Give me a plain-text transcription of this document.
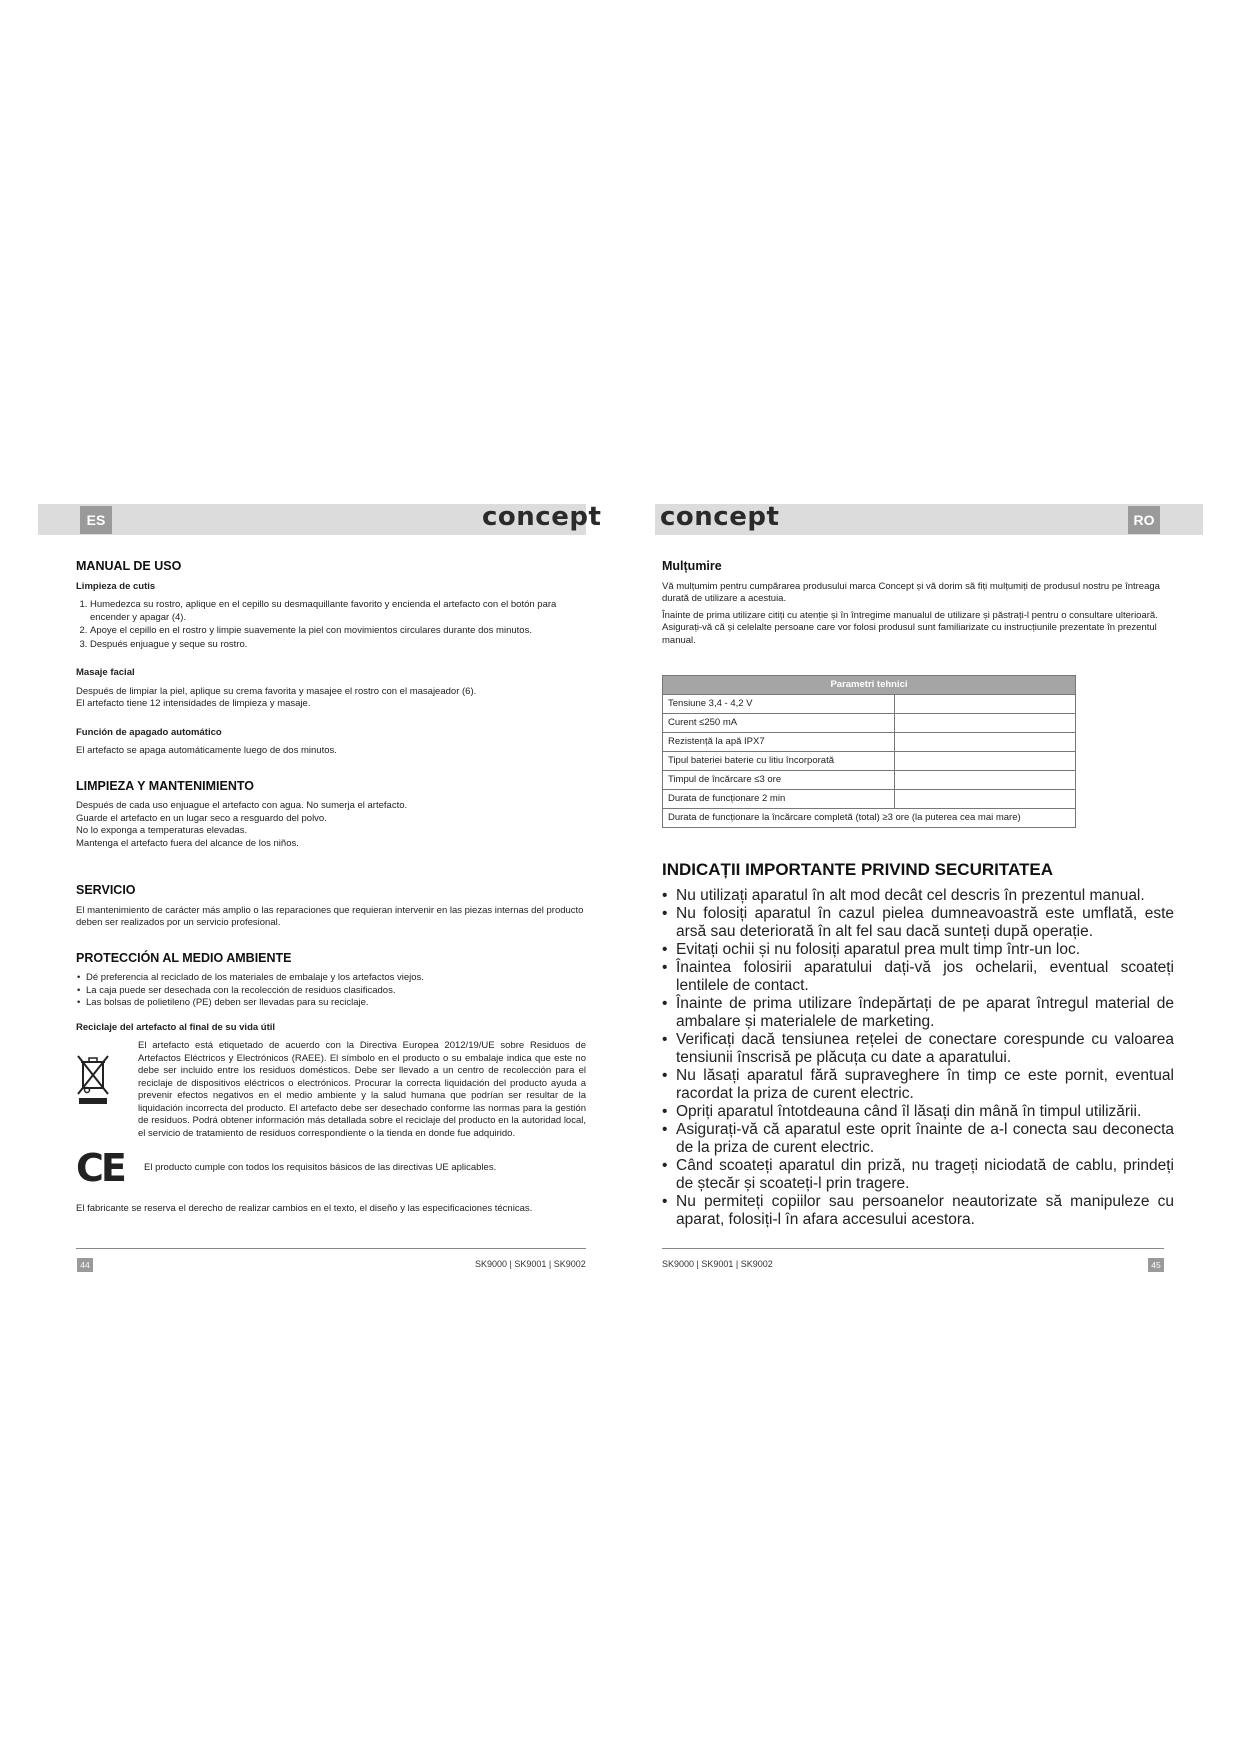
ES	RO
concept concept
MANUAL DE USO
Limpieza de cutis
1. Humedezca su rostro, aplique en el cepillo su desmaquillante favorito y encienda el artefacto con el botón para encender y apagar (4).
2. Apoye el cepillo en el rostro y limpie suavemente la piel con movimientos circulares durante dos minutos.
3. Después enjuague y seque su rostro.
Masaje facial

Después de limpiar la piel, aplique su crema favorita y masajee el rostro con el masajeador (6).

El artefacto tiene 12 intensidades de limpieza y masaje.

Función de apagado automático

El artefacto se apaga automáticamente luego de dos minutos.

LIMPIEZA Y MANTENIMIENTO

Después de cada uso enjuague el artefacto con agua. No sumerja el artefacto.

Guarde el artefacto en un lugar seco a resguardo del polvo.

No lo exponga a temperaturas elevadas.

Mantenga el artefacto fuera del alcance de los niños.

SERVICIO

El mantenimiento de carácter más amplio o las reparaciones que requieran intervenir en las piezas internas del producto deben ser realizados por un servicio profesional.

PROTECCIÓN AL MEDIO AMBIENTE
• Dé preferencia al reciclado de los materiales de embalaje y los artefactos viejos.
• La caja puede ser desechada con la recolección de residuos clasificados.
• Las bolsas de polietileno (PE) deben ser llevadas para su reciclaje.
Reciclaje del artefacto al final de su vida útil

El artefacto está etiquetado de acuerdo con la Directiva Europea 2012/19/UE sobre Residuos de Artefactos Eléctricos y Electrónicos (RAEE). El símbolo en el producto o su embalaje indica que este no debe ser incluido entre los residuos domésticos. Debe ser llevado a un centro de recolección para el reciclaje de dispositivos eléctricos o electrónicos. Procurar la correcta liquidación del producto ayuda a prevenir efectos negativos en el medio ambiente y la salud humana que podrían ser resultar de la liquidación incorrecta del producto. El artefacto debe ser desechado conforme las normas para la gestión de residuos. Podrá obtener información más detallada sobre el reciclaje del producto en la autoridad local, el servicio de tratamiento de residuos correspondiente o la tienda en donde fue adquirido.

CE El producto cumple con todos los requisitos básicos de las directivas UE aplicables.

El fabricante se reserva el derecho de realizar cambios en el texto, el diseño y las especificaciones técnicas.

Mulțumire

Vă mulțumim pentru cumpărarea produsului marca Concept și vă dorim să fiți mulțumiți de produsul nostru pe întreaga durată de utilizare a acestuia.

Înainte de prima utilizare citiți cu atenție și în întregime manualul de utilizare și păstrați-l pentru o consultare ulterioară. Asigurați-vă că și celelalte persoane care vor folosi produsul sunt familiarizate cu instrucțiunile prezentate în prezentul manual.

Parametri tehnici	
Tensiune 3,4 - 4,2 V	
Curent ≤250 mA	
Rezistență la apă IPX7	
Tipul bateriei baterie cu litiu încorporată	
Timpul de încărcare ≤3 ore	
Durata de funcționare 2 min	
Durata de funcționare la încărcare completă (total) ≥3 ore (la puterea cea mai mare)	
INDICAȚII IMPORTANTE PRIVIND SECURITATEA
• Nu utilizați aparatul în alt mod decât cel descris în prezentul manual.
• Nu folosiți aparatul în cazul pielea dumneavoastră este umflată, este arsă sau deteriorată în alt fel sau dacă sunteți după operație.
• Evitați ochii și nu folosiți aparatul prea mult timp într-un loc.
• Înaintea folosirii aparatului dați-vă jos ochelarii, eventual scoateți lentilele de contact.
• Înainte de prima utilizare îndepărtați de pe aparat întregul material de ambalare și materialele de marketing.
• Verificați dacă tensiunea rețelei de conectare corespunde cu valoarea tensiunii înscrisă pe plăcuța cu date a aparatului.
• Nu lăsați aparatul fără supraveghere în timp ce este pornit, eventual racordat la priza de curent electric.
• Opriți aparatul întotdeauna când îl lăsați din mână în timpul utilizării.
• Asigurați-vă că aparatul este oprit înainte de a-l conecta sau deconecta de la priza de curent electric.
• Când scoateți aparatul din priză, nu trageți niciodată de cablu, prindeți de ștecăr și scoateți-l prin tragere.
• Nu permiteți copiilor sau persoanelor neautorizate să manipuleze cu aparat, folosiți-l în afara accesului acestora.
44	SK9000 | SK9001 | SK9002	SK9000 | SK9001 | SK9002	45
